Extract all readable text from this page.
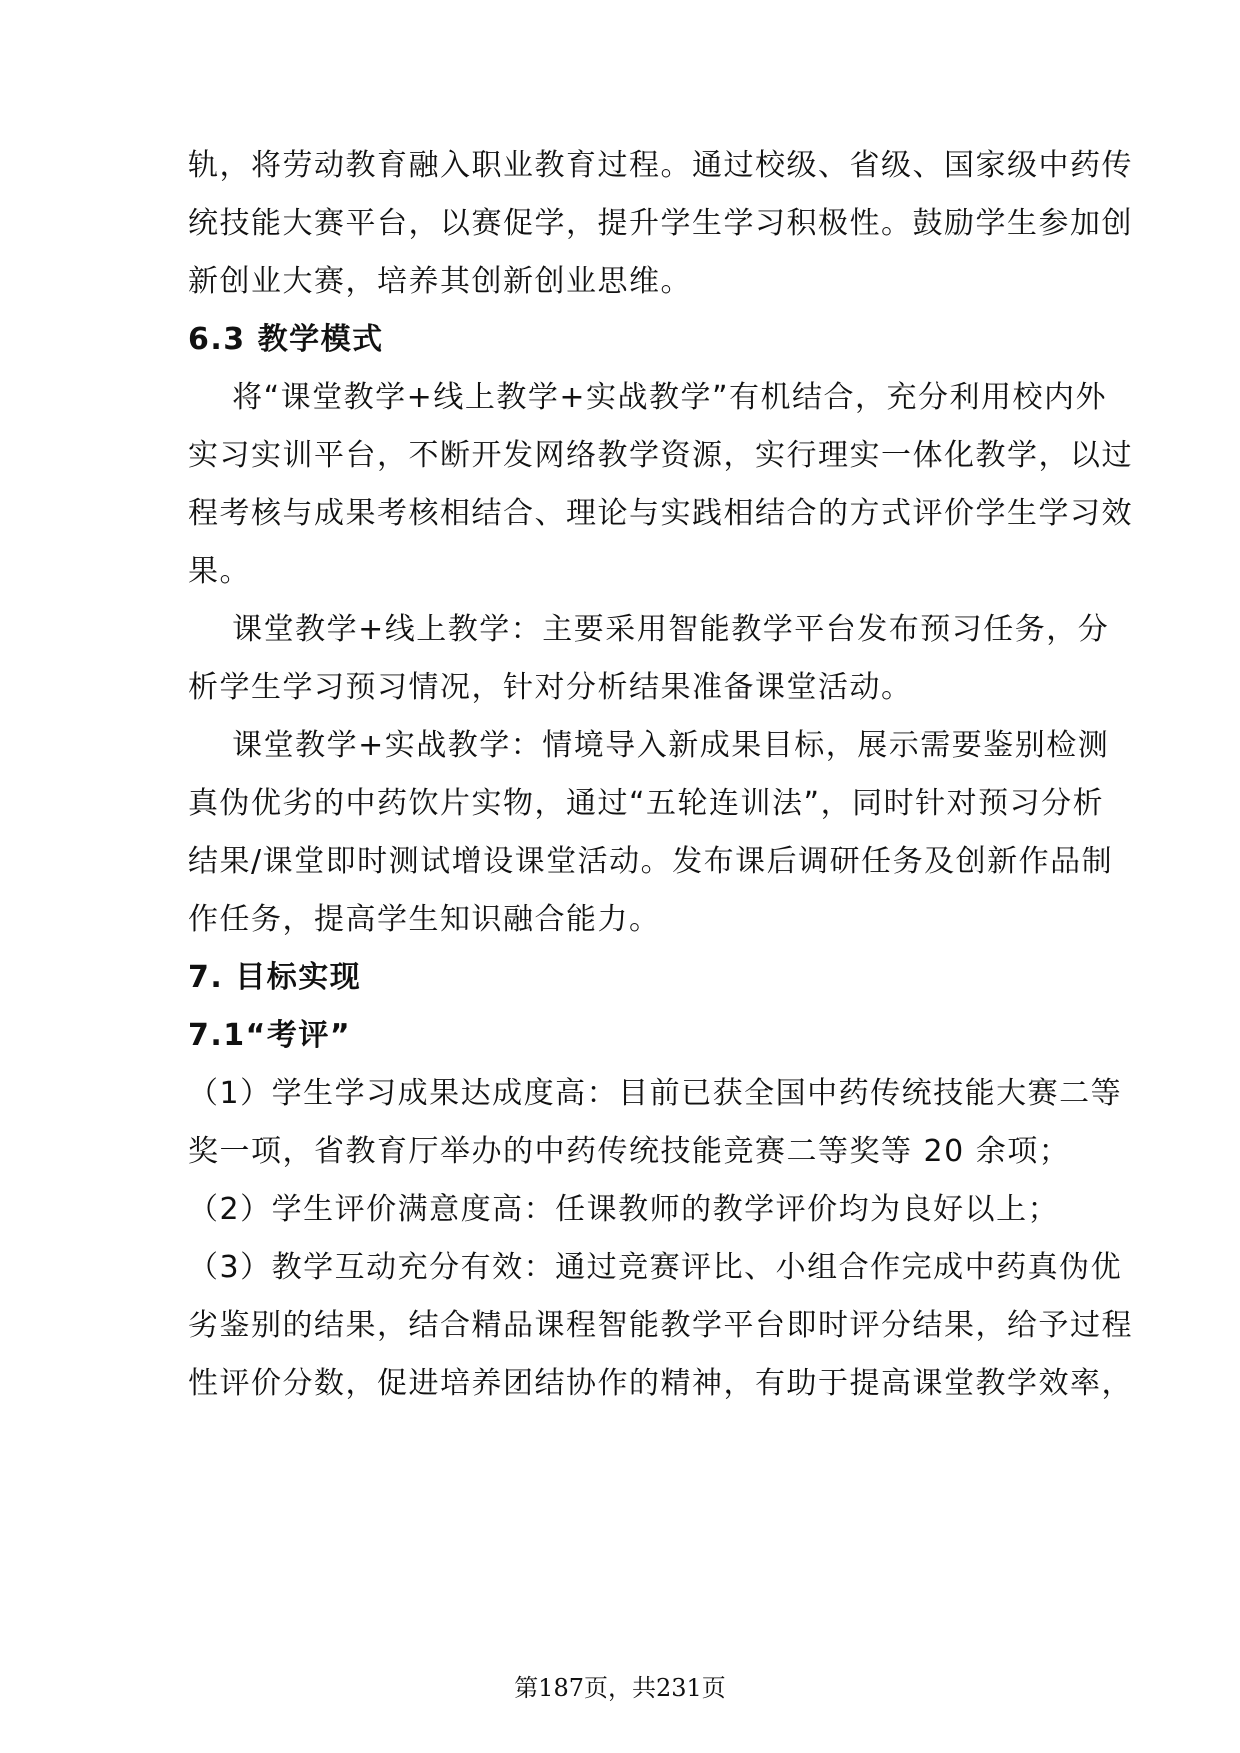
轨，将劳动教育融入职业教育过程。通过校级、省级、国家级中药传
统技能大赛平台，以赛促学，提升学生学习积极性。鼓励学生参加创
新创业大赛，培养其创新创业思维。
6.3 教学模式
将“课堂教学+线上教学+实战教学”有机结合，充分利用校内外
实习实训平台，不断开发网络教学资源，实行理实一体化教学，以过
程考核与成果考核相结合、理论与实践相结合的方式评价学生学习效
果。
课堂教学+线上教学：主要采用智能教学平台发布预习任务，分
析学生学习预习情况，针对分析结果准备课堂活动。
课堂教学+实战教学：情境导入新成果目标，展示需要鉴别检测
真伪优劣的中药饮片实物，通过“五轮连训法”，同时针对预习分析
结果/课堂即时测试增设课堂活动。发布课后调研任务及创新作品制
作任务，提高学生知识融合能力。
7. 目标实现
7.1“考评”
（1）学生学习成果达成度高：目前已获全国中药传统技能大赛二等
奖一项，省教育厅举办的中药传统技能竞赛二等奖等 20 余项；
（2）学生评价满意度高：任课教师的教学评价均为良好以上；
（3）教学互动充分有效：通过竞赛评比、小组合作完成中药真伪优
劣鉴别的结果，结合精品课程智能教学平台即时评分结果，给予过程
性评价分数，促进培养团结协作的精神，有助于提高课堂教学效率，
第187页，共231页
